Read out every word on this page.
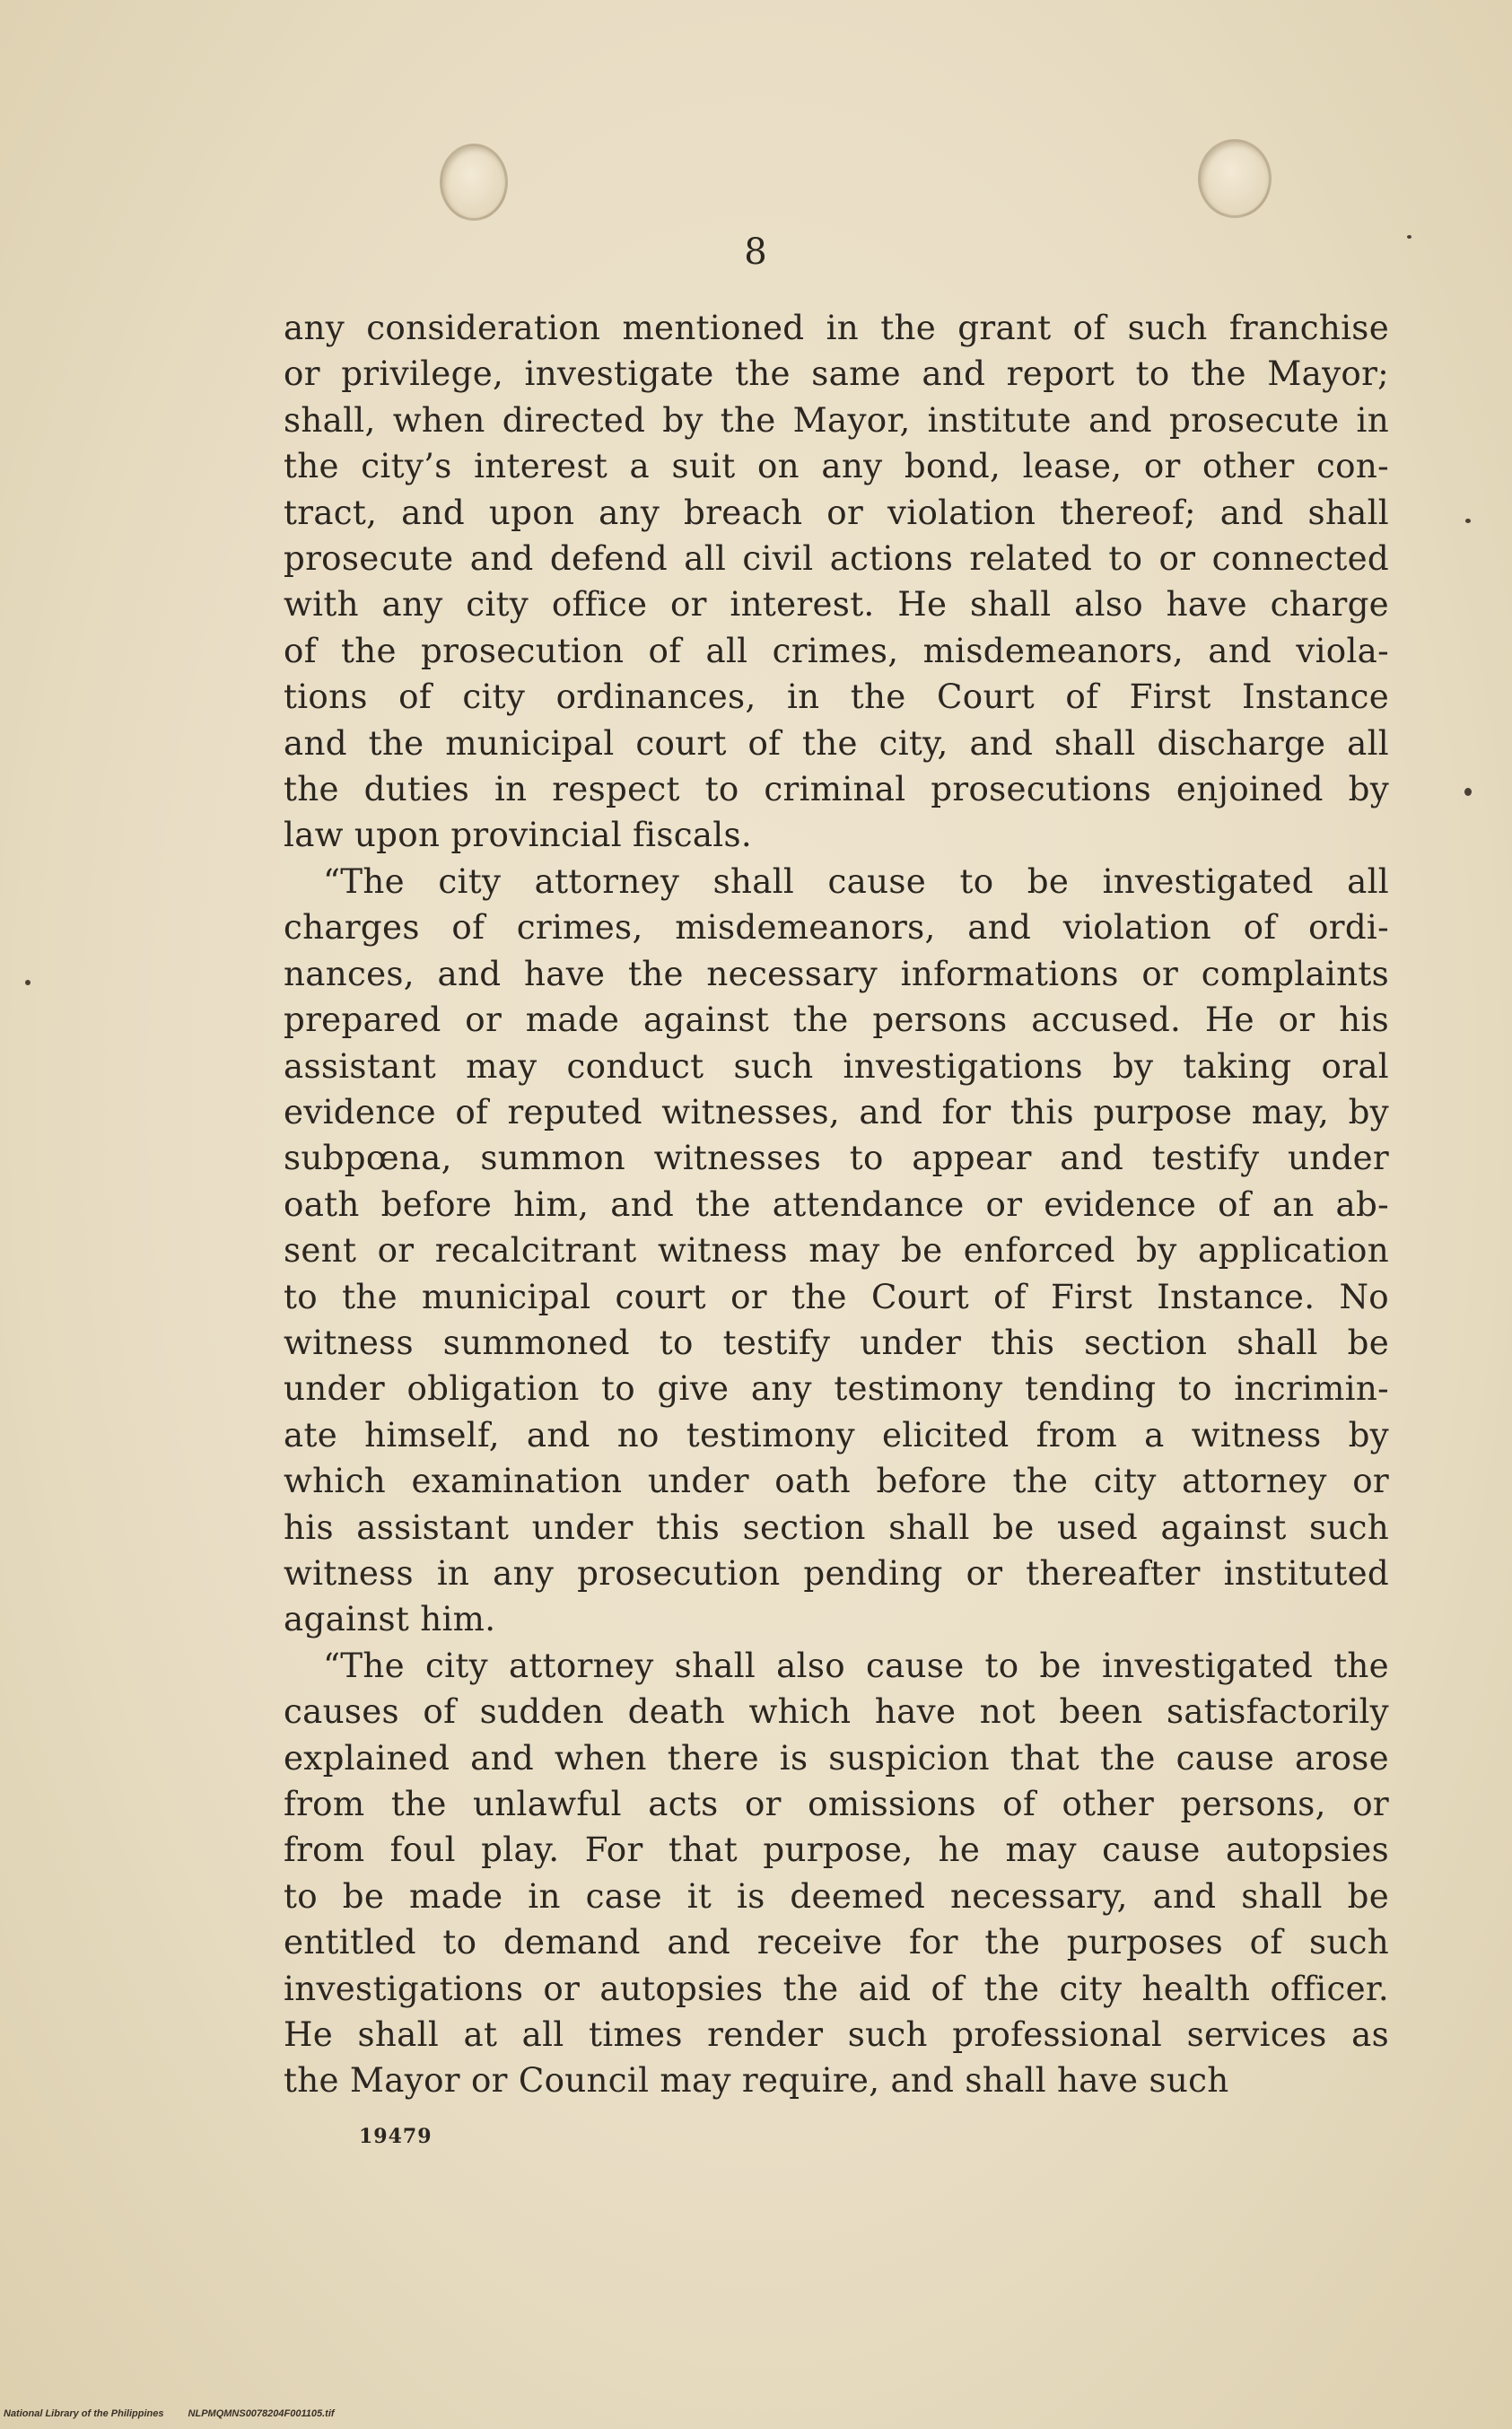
8
any consideration mentioned in the grant of such franchise
or privilege, investigate the same and report to the Mayor;
shall, when directed by the Mayor, institute and prosecute in
the city’s interest a suit on any bond, lease, or other con-
tract, and upon any breach or violation thereof; and shall
prosecute and defend all civil actions related to or connected
with any city office or interest. He shall also have charge
of the prosecution of all crimes, misdemeanors, and viola-
tions of city ordinances, in the Court of First Instance
and the municipal court of the city, and shall discharge all
the duties in respect to criminal prosecutions enjoined by
law upon provincial fiscals.
“The city attorney shall cause to be investigated all
charges of crimes, misdemeanors, and violation of ordi-
nances, and have the necessary informations or complaints
prepared or made against the persons accused. He or his
assistant may conduct such investigations by taking oral
evidence of reputed witnesses, and for this purpose may, by
subpœna, summon witnesses to appear and testify under
oath before him, and the attendance or evidence of an ab-
sent or recalcitrant witness may be enforced by application
to the municipal court or the Court of First Instance. No
witness summoned to testify under this section shall be
under obligation to give any testimony tending to incrimin-
ate himself, and no testimony elicited from a witness by
which examination under oath before the city attorney or
his assistant under this section shall be used against such
witness in any prosecution pending or thereafter instituted
against him.
“The city attorney shall also cause to be investigated the
causes of sudden death which have not been satisfactorily
explained and when there is suspicion that the cause arose
from the unlawful acts or omissions of other persons, or
from foul play. For that purpose, he may cause autopsies
to be made in case it is deemed necessary, and shall be
entitled to demand and receive for the purposes of such
investigations or autopsies the aid of the city health officer.
He shall at all times render such professional services as
the Mayor or Council may require, and shall have such
19479
National Library of the Philippines NLPMQMNS0078204F001105.tif
